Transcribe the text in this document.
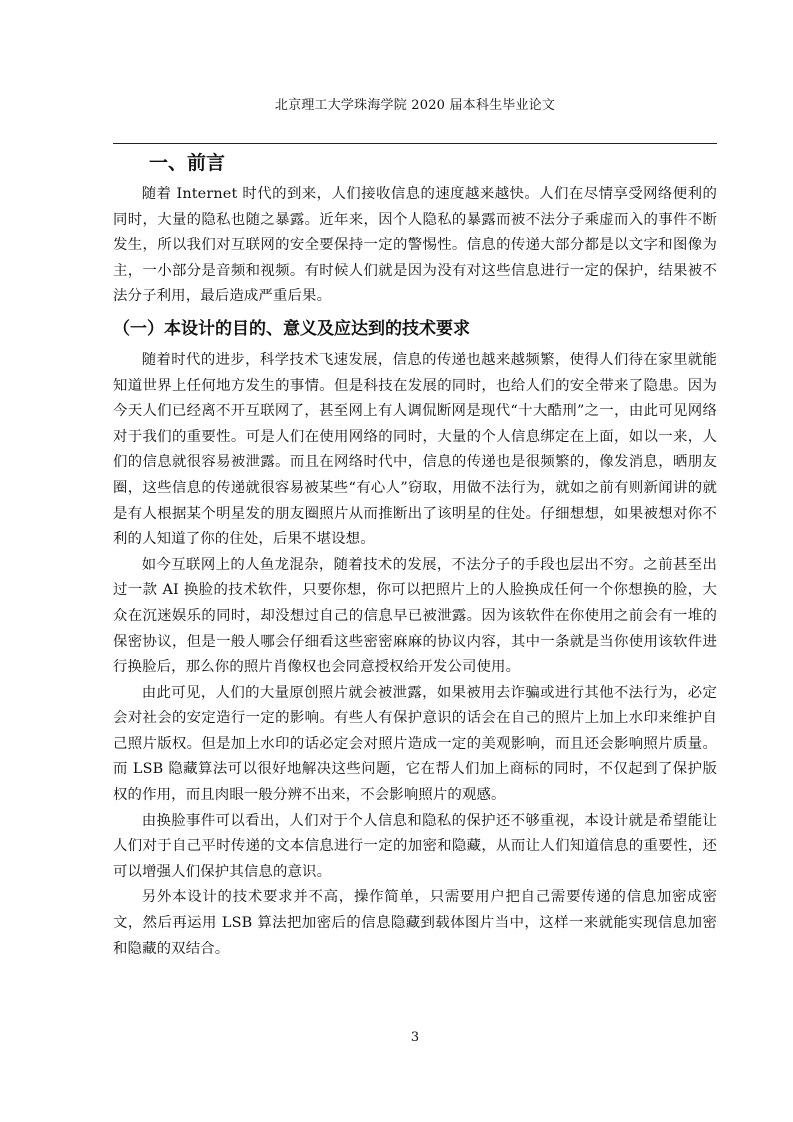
北京理工大学珠海学院 2020 届本科生毕业论文
一、前言

随着 Internet 时代的到来，人们接收信息的速度越来越快。人们在尽情享受网络便利的同时，大量的隐私也随之暴露。近年来，因个人隐私的暴露而被不法分子乘虚而入的事件不断发生，所以我们对互联网的安全要保持一定的警惕性。信息的传递大部分都是以文字和图像为主，一小部分是音频和视频。有时候人们就是因为没有对这些信息进行一定的保护，结果被不法分子利用，最后造成严重后果。

（一）本设计的目的、意义及应达到的技术要求

随着时代的进步，科学技术飞速发展，信息的传递也越来越频繁，使得人们待在家里就能知道世界上任何地方发生的事情。但是科技在发展的同时，也给人们的安全带来了隐患。因为今天人们已经离不开互联网了，甚至网上有人调侃断网是现代“十大酷刑”之一，由此可见网络对于我们的重要性。可是人们在使用网络的同时，大量的个人信息绑定在上面，如以一来，人们的信息就很容易被泄露。而且在网络时代中，信息的传递也是很频繁的，像发消息，晒朋友圈，这些信息的传递就很容易被某些“有心人”窃取，用做不法行为，就如之前有则新闻讲的就是有人根据某个明星发的朋友圈照片从而推断出了该明星的住处。仔细想想，如果被想对你不利的人知道了你的住处，后果不堪设想。

如今互联网上的人鱼龙混杂，随着技术的发展，不法分子的手段也层出不穷。之前甚至出过一款 AI 换脸的技术软件，只要你想，你可以把照片上的人脸换成任何一个你想换的脸，大众在沉迷娱乐的同时，却没想过自己的信息早已被泄露。因为该软件在你使用之前会有一堆的保密协议，但是一般人哪会仔细看这些密密麻麻的协议内容，其中一条就是当你使用该软件进行换脸后，那么你的照片肖像权也会同意授权给开发公司使用。

由此可见，人们的大量原创照片就会被泄露，如果被用去诈骗或进行其他不法行为，必定会对社会的安定造行一定的影响。有些人有保护意识的话会在自己的照片上加上水印来维护自己照片版权。但是加上水印的话必定会对照片造成一定的美观影响，而且还会影响照片质量。而 LSB 隐藏算法可以很好地解决这些问题，它在帮人们加上商标的同时，不仅起到了保护版权的作用，而且肉眼一般分辨不出来，不会影响照片的观感。

由换脸事件可以看出，人们对于个人信息和隐私的保护还不够重视，本设计就是希望能让人们对于自己平时传递的文本信息进行一定的加密和隐藏，从而让人们知道信息的重要性，还可以增强人们保护其信息的意识。

另外本设计的技术要求并不高，操作简单，只需要用户把自己需要传递的信息加密成密文，然后再运用 LSB 算法把加密后的信息隐藏到载体图片当中，这样一来就能实现信息加密和隐藏的双结合。

3
